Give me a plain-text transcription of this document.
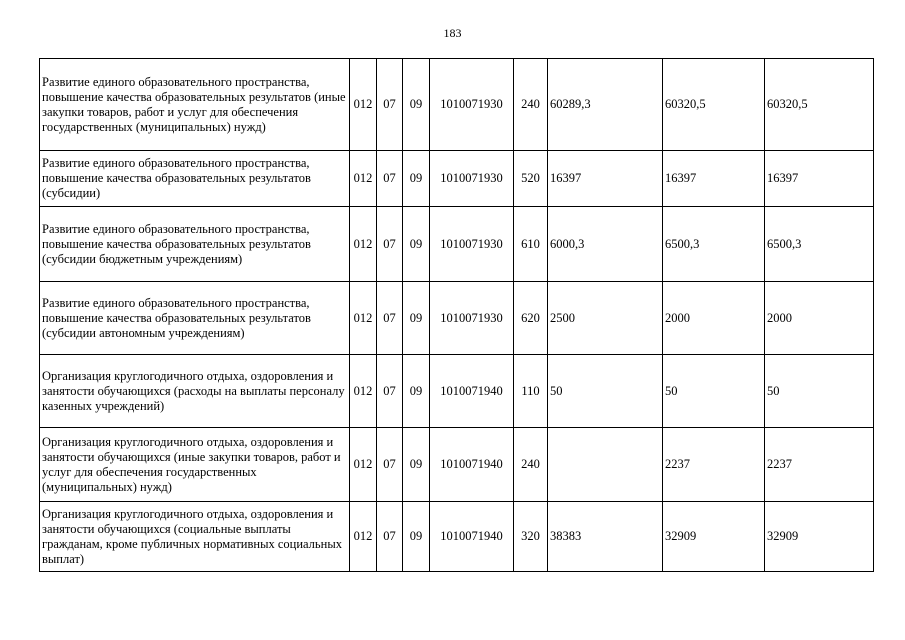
183
Развитие единого образовательного пространства, повышение качества образовательных результатов (иные закупки товаров, работ и услуг для обеспечения государственных (муниципальных) нужд)	012	07	09	1010071930	240	60289,3	60320,5	60320,5
Развитие единого образовательного пространства, повышение качества образовательных результатов (субсидии)	012	07	09	1010071930	520	16397	16397	16397
Развитие единого образовательного пространства, повышение качества образовательных результатов (субсидии бюджетным учреждениям)	012	07	09	1010071930	610	6000,3	6500,3	6500,3
Развитие единого образовательного пространства, повышение качества образовательных результатов (субсидии автономным учреждениям)	012	07	09	1010071930	620	2500	2000	2000
Организация круглогодичного отдыха, оздоровления и занятости обучающихся (расходы на выплаты персоналу казенных учреждений)	012	07	09	1010071940	110	50	50	50
Организация круглогодичного отдыха, оздоровления и занятости обучающихся (иные закупки товаров, работ и услуг для обеспечения государственных (муниципальных) нужд)	012	07	09	1010071940	240		2237	2237
Организация круглогодичного отдыха, оздоровления и занятости обучающихся (социальные выплаты гражданам, кроме публичных нормативных социальных выплат)	012	07	09	1010071940	320	38383	32909	32909
